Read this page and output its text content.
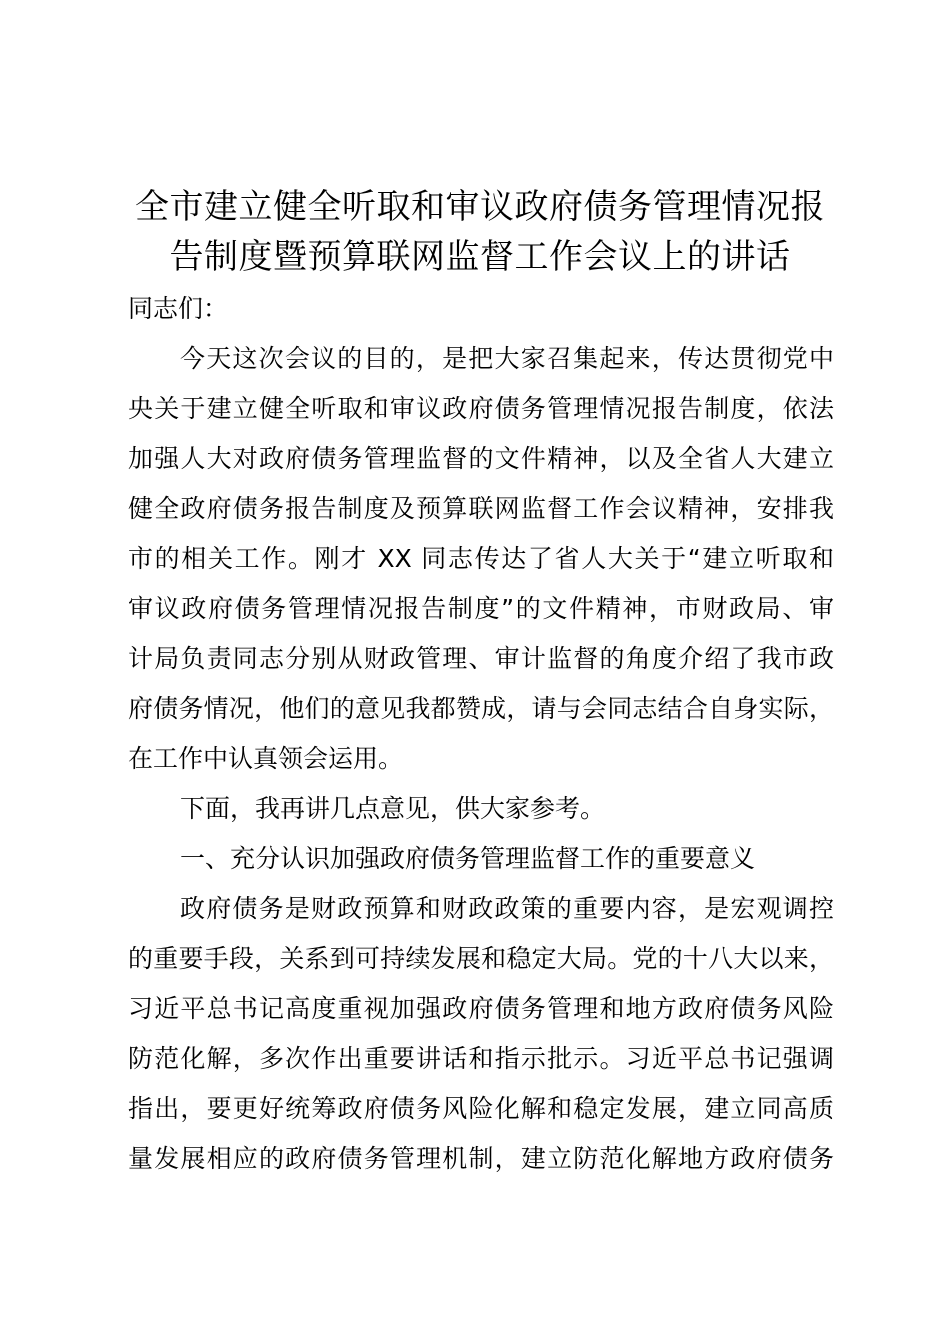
全市建立健全听取和审议政府债务管理情况报
告制度暨预算联网监督工作会议上的讲话
同志们：
今天这次会议的目的，是把大家召集起来，传达贯彻党中
央关于建立健全听取和审议政府债务管理情况报告制度，依法
加强人大对政府债务管理监督的文件精神，以及全省人大建立
健全政府债务报告制度及预算联网监督工作会议精神，安排我
市的相关工作。刚才 XX 同志传达了省人大关于“建立听取和
审议政府债务管理情况报告制度”的文件精神，市财政局、审
计局负责同志分别从财政管理、审计监督的角度介绍了我市政
府债务情况，他们的意见我都赞成，请与会同志结合自身实际，
在工作中认真领会运用。
下面，我再讲几点意见，供大家参考。
一、充分认识加强政府债务管理监督工作的重要意义
政府债务是财政预算和财政政策的重要内容，是宏观调控
的重要手段，关系到可持续发展和稳定大局。党的十八大以来，
习近平总书记高度重视加强政府债务管理和地方政府债务风险
防范化解，多次作出重要讲话和指示批示。习近平总书记强调
指出，要更好统筹政府债务风险化解和稳定发展，建立同高质
量发展相应的政府债务管理机制，建立防范化解地方政府债务
